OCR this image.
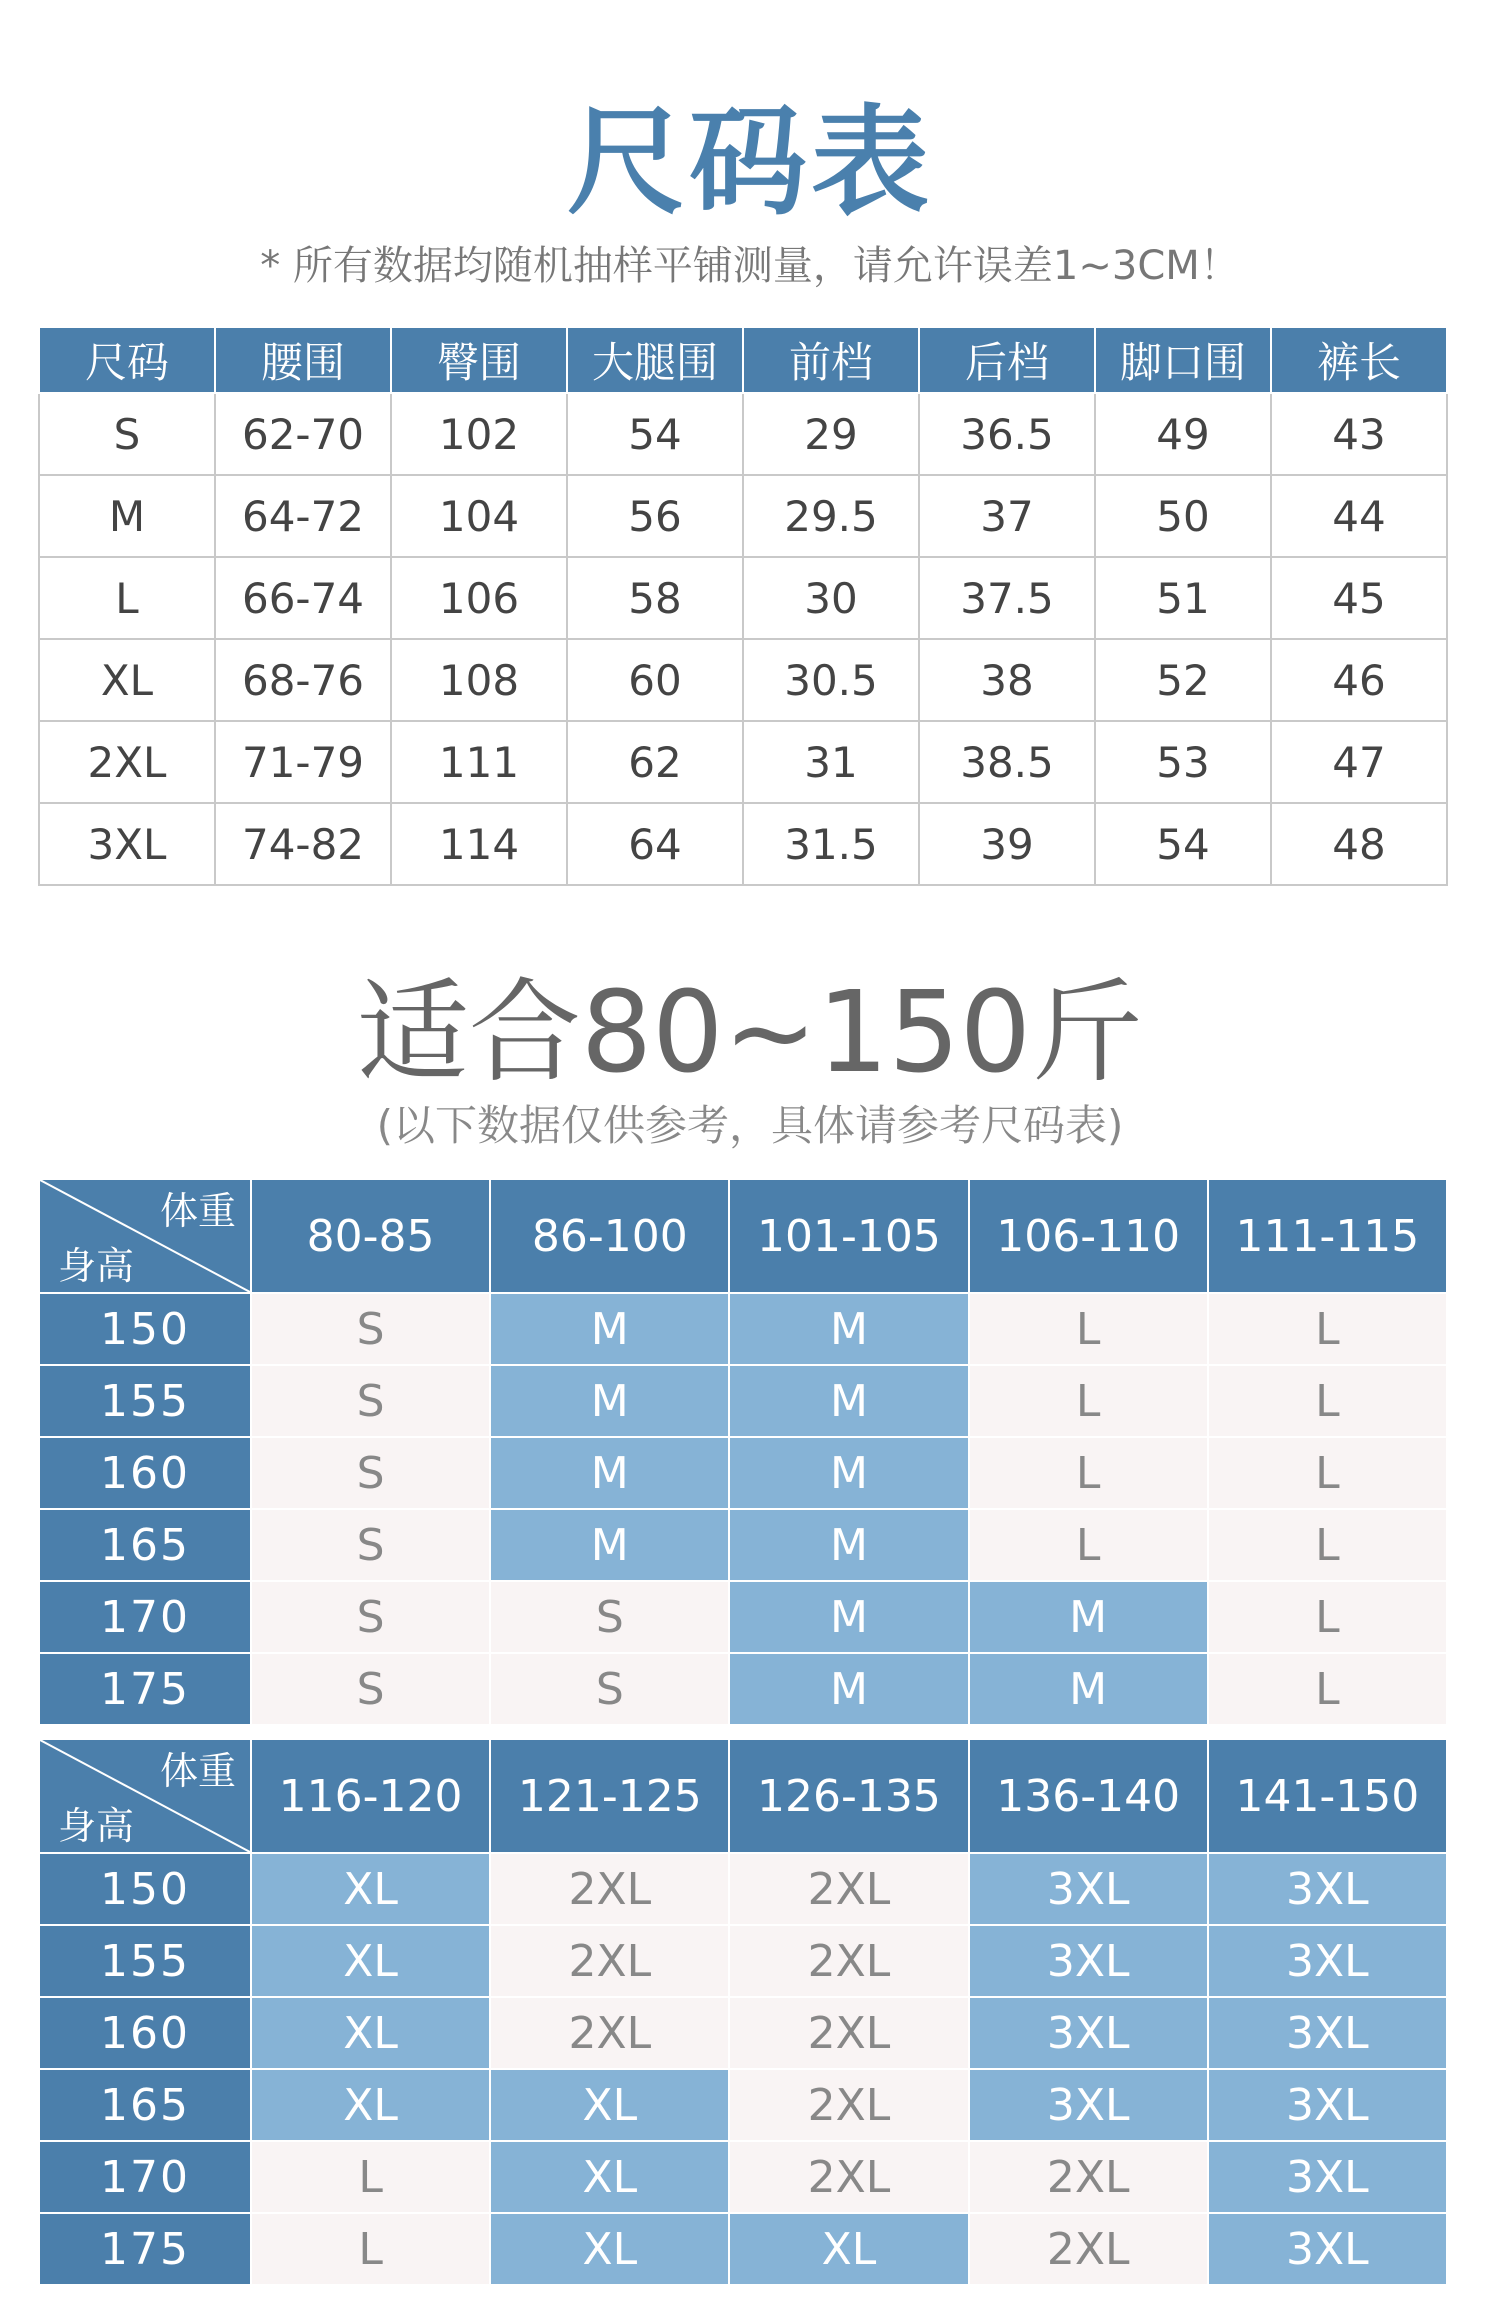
尺码表
* 所有数据均随机抽样平铺测量，请允许误差1~3CM！
尺码	腰围	臀围	大腿围	前档	后档	脚口围	裤长
S	62-70	102	54	29	36.5	49	43
M	64-72	104	56	29.5	37	50	44
L	66-74	106	58	30	37.5	51	45
XL	68-76	108	60	30.5	38	52	46
2XL	71-79	111	62	31	38.5	53	47
3XL	74-82	114	64	31.5	39	54	48
适合80~150斤
(以下数据仅供参考，具体请参考尺码表)
体重
身高	80-85	86-100	101-105	106-110	111-115
150	S	M	M	L	L
155	S	M	M	L	L
160	S	M	M	L	L
165	S	M	M	L	L
170	S	S	M	M	L
175	S	S	M	M	L
体重
身高	116-120	121-125	126-135	136-140	141-150
150	XL	2XL	2XL	3XL	3XL
155	XL	2XL	2XL	3XL	3XL
160	XL	2XL	2XL	3XL	3XL
165	XL	XL	2XL	3XL	3XL
170	L	XL	2XL	2XL	3XL
175	L	XL	XL	2XL	3XL
